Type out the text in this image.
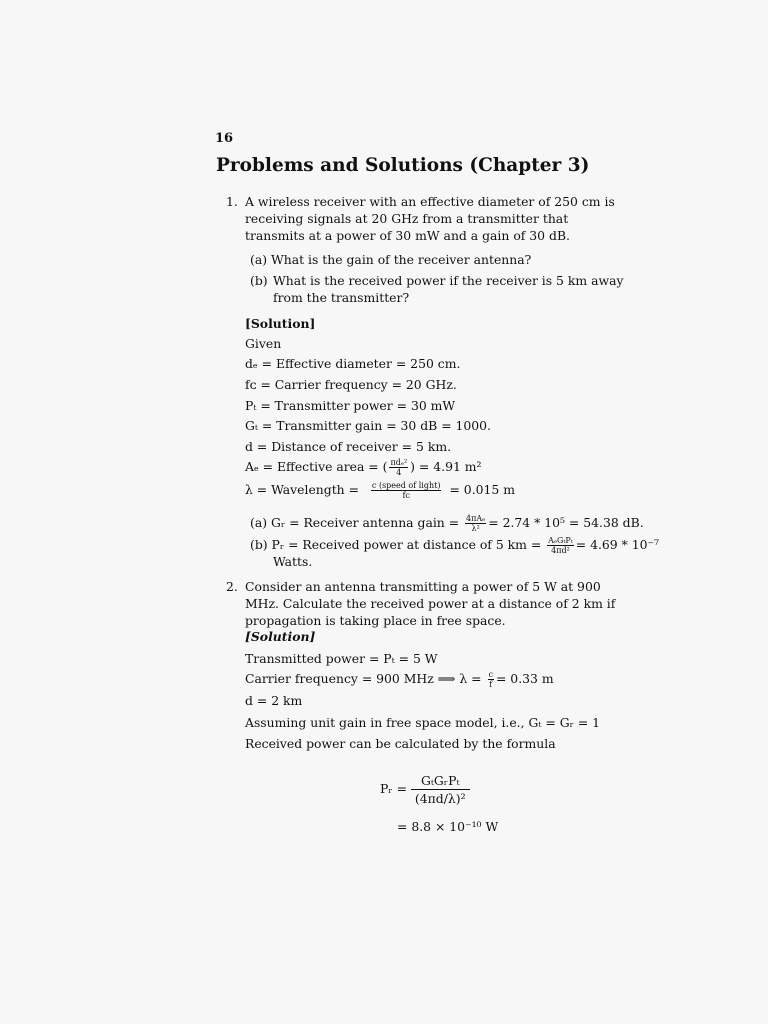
16
Problems and Solutions (Chapter 3)
1. A wireless receiver with an effective diameter of 250 cm is receiving signals at 20 GHz from a transmitter that transmits at a power of 30 mW and a gain of 30 dB.
(a) What is the gain of the receiver antenna?
(b) What is the received power if the receiver is 5 km away from the transmitter?
[Solution]
Given
dₑ = Effective diameter = 250 cm.
fᴄ = Carrier frequency = 20 GHz.
Pₜ = Transmitter power = 30 mW
Gₜ = Transmitter gain = 30 dB = 1000.
d = Distance of receiver = 5 km.
Aₑ = Effective area = ( $\frac{\text{πdₑ²}}{4}$ ) = 4.91 m²
λ = Wavelength = $\frac{\text{c (speed of light)}}{\text{fᴄ}} = 0.015$ m
(a) Gᵣ = Receiver antenna gain = $\frac{\text{4πAₑ}}{\text{λ²}} = 2.74 * 10^5 = 54.38$ dB.
(b) Pᵣ = Received power at distance of 5 km = $\frac{\text{AₑGₜPₜ}}{\text{4πd²}} = 4.69 * 10^{-7}$
Watts.
2. Consider an antenna transmitting a power of 5 W at 900 MHz. Calculate the received power at a distance of 2 km if propagation is taking place in free space.
[Solution]
Transmitted power = Pₜ = 5 W
Carrier frequency = 900 MHz ⟹ $\lambda = \frac{c}{f} = 0.33$ m
d = 2 km
Assuming unit gain in free space model, i.e., Gₜ = Gᵣ = 1
Received power can be calculated by the formula
Pᵣ = $\frac{\text{GₜGᵣPₜ}}{\text{(4πd/λ)²}}$
= 8.8 × 10⁻¹⁰ W
